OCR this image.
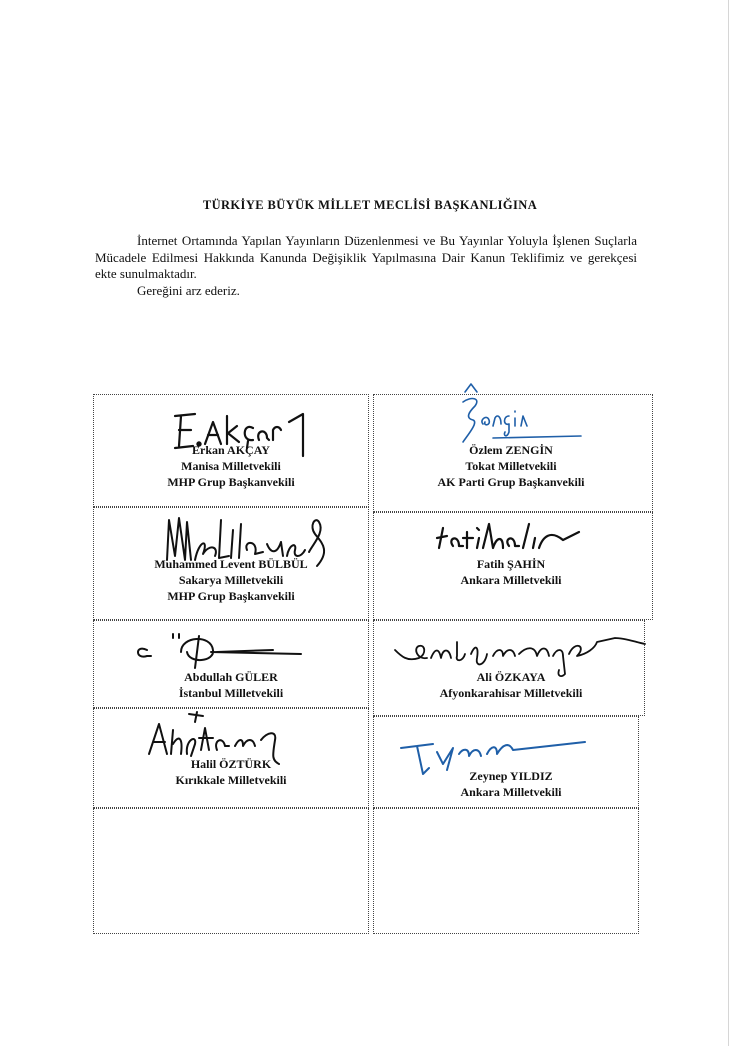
TÜRKİYE BÜYÜK MİLLET MECLİSİ BAŞKANLIĞINA

İnternet Ortamında Yapılan Yayınların Düzenlenmesi ve Bu Yayınlar Yoluyla İşlenen Suçlarla Mücadele Edilmesi Hakkında Kanunda Değişiklik Yapılmasına Dair Kanun Teklifimiz ve gerekçesi ekte sunulmaktadır.

Gereğini arz ederiz.

Erkan AKÇAY
Manisa Milletvekili
MHP Grup Başkanvekili
Özlem ZENGİN
Tokat Milletvekili
AK Parti Grup Başkanvekili
Muhammed Levent BÜLBÜL
Sakarya Milletvekili
MHP Grup Başkanvekili
Fatih ŞAHİN
Ankara Milletvekili
Abdullah GÜLER
İstanbul Milletvekili
Ali ÖZKAYA
Afyonkarahisar Milletvekili
Halil ÖZTÜRK
Kırıkkale Milletvekili	Zeynep YILDIZ
Ankara Milletvekili
